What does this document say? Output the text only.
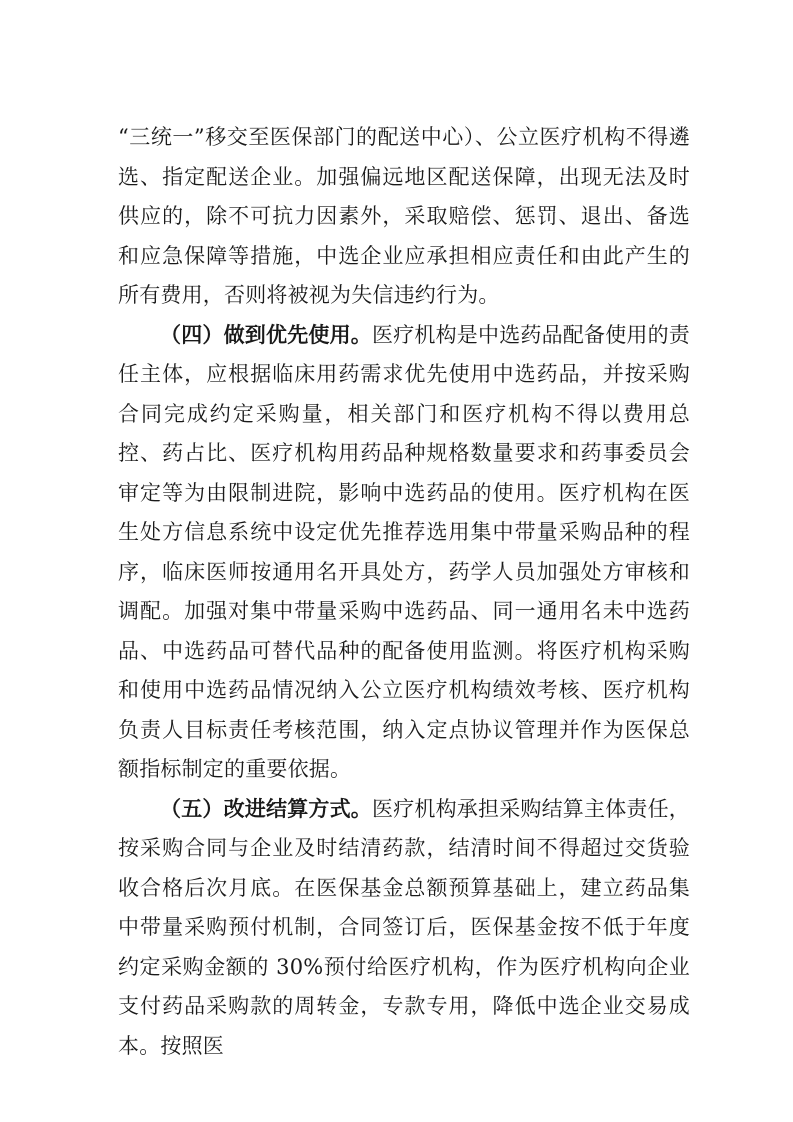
“三统一”移交至医保部门的配送中心）、公立医疗机构不得遴选、指定配送企业。加强偏远地区配送保障，出现无法及时供应的，除不可抗力因素外，采取赔偿、惩罚、退出、备选和应急保障等措施，中选企业应承担相应责任和由此产生的所有费用，否则将被视为失信违约行为。

（四）做到优先使用。医疗机构是中选药品配备使用的责任主体，应根据临床用药需求优先使用中选药品，并按采购合同完成约定采购量，相关部门和医疗机构不得以费用总控、药占比、医疗机构用药品种规格数量要求和药事委员会审定等为由限制进院，影响中选药品的使用。医疗机构在医生处方信息系统中设定优先推荐选用集中带量采购品种的程序，临床医师按通用名开具处方，药学人员加强处方审核和调配。加强对集中带量采购中选药品、同一通用名未中选药品、中选药品可替代品种的配备使用监测。将医疗机构采购和使用中选药品情况纳入公立医疗机构绩效考核、医疗机构负责人目标责任考核范围，纳入定点协议管理并作为医保总额指标制定的重要依据。

（五）改进结算方式。医疗机构承担采购结算主体责任，按采购合同与企业及时结清药款，结清时间不得超过交货验收合格后次月底。在医保基金总额预算基础上，建立药品集中带量采购预付机制，合同签订后，医保基金按不低于年度约定采购金额的 30%预付给医疗机构，作为医疗机构向企业支付药品采购款的周转金，专款专用，降低中选企业交易成本。按照医
